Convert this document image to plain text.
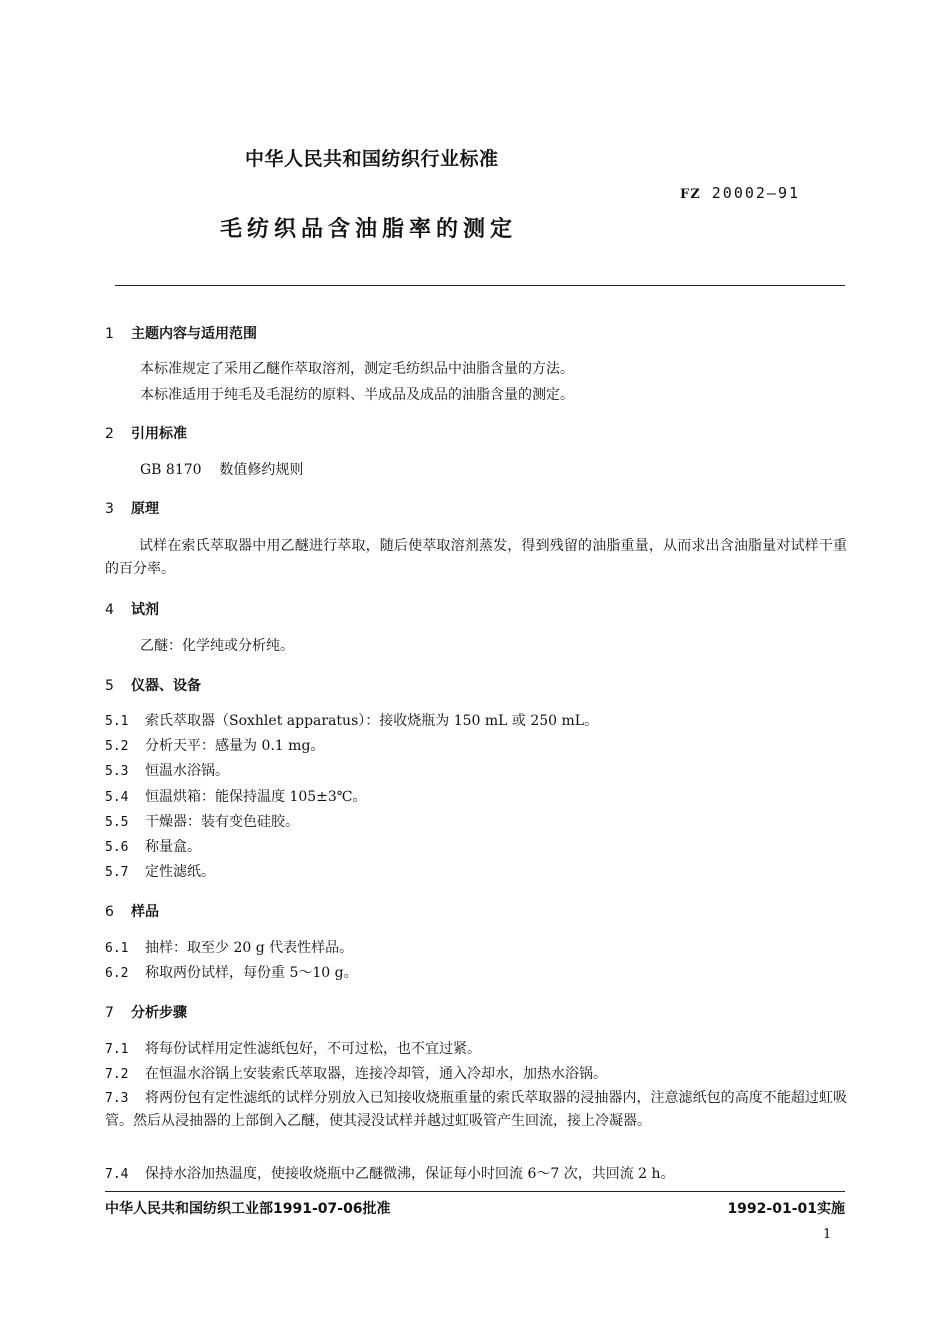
中华人民共和国纺织行业标准
FZ 20002—91
毛纺织品含油脂率的测定
1 主题内容与适用范围
本标准规定了采用乙醚作萃取溶剂，测定毛纺织品中油脂含量的方法。
本标准适用于纯毛及毛混纺的原料、半成品及成品的油脂含量的测定。
2 引用标准
GB 8170    数值修约规则
3 原理
试样在索氏萃取器中用乙醚进行萃取，随后使萃取溶剂蒸发，得到残留的油脂重量，从而求出含油脂量对试样干重的百分率。
4 试剂
乙醚：化学纯或分析纯。
5 仪器、设备
5.1 索氏萃取器（Soxhlet apparatus）：接收烧瓶为 150 mL 或 250 mL。
5.2 分析天平：感量为 0.1 mg。
5.3 恒温水浴锅。
5.4 恒温烘箱：能保持温度 105±3℃。
5.5 干燥器：装有变色硅胶。
5.6 称量盒。
5.7 定性滤纸。
6 样品
6.1 抽样：取至少 20 g 代表性样品。
6.2 称取两份试样，每份重 5～10 g。
7 分析步骤
7.1 将每份试样用定性滤纸包好，不可过松，也不宜过紧。
7.2 在恒温水浴锅上安装索氏萃取器，连接冷却管，通入冷却水，加热水浴锅。
7.3 将两份包有定性滤纸的试样分别放入已知接收烧瓶重量的索氏萃取器的浸抽器内，注意滤纸包的高度不能超过虹吸管。然后从浸抽器的上部倒入乙醚，使其浸没试样并越过虹吸管产生回流，接上冷凝器。
7.4 保持水浴加热温度，使接收烧瓶中乙醚微沸，保证每小时回流 6～7 次，共回流 2 h。
中华人民共和国纺织工业部1991-07-06批准	1992-01-01实施
1
